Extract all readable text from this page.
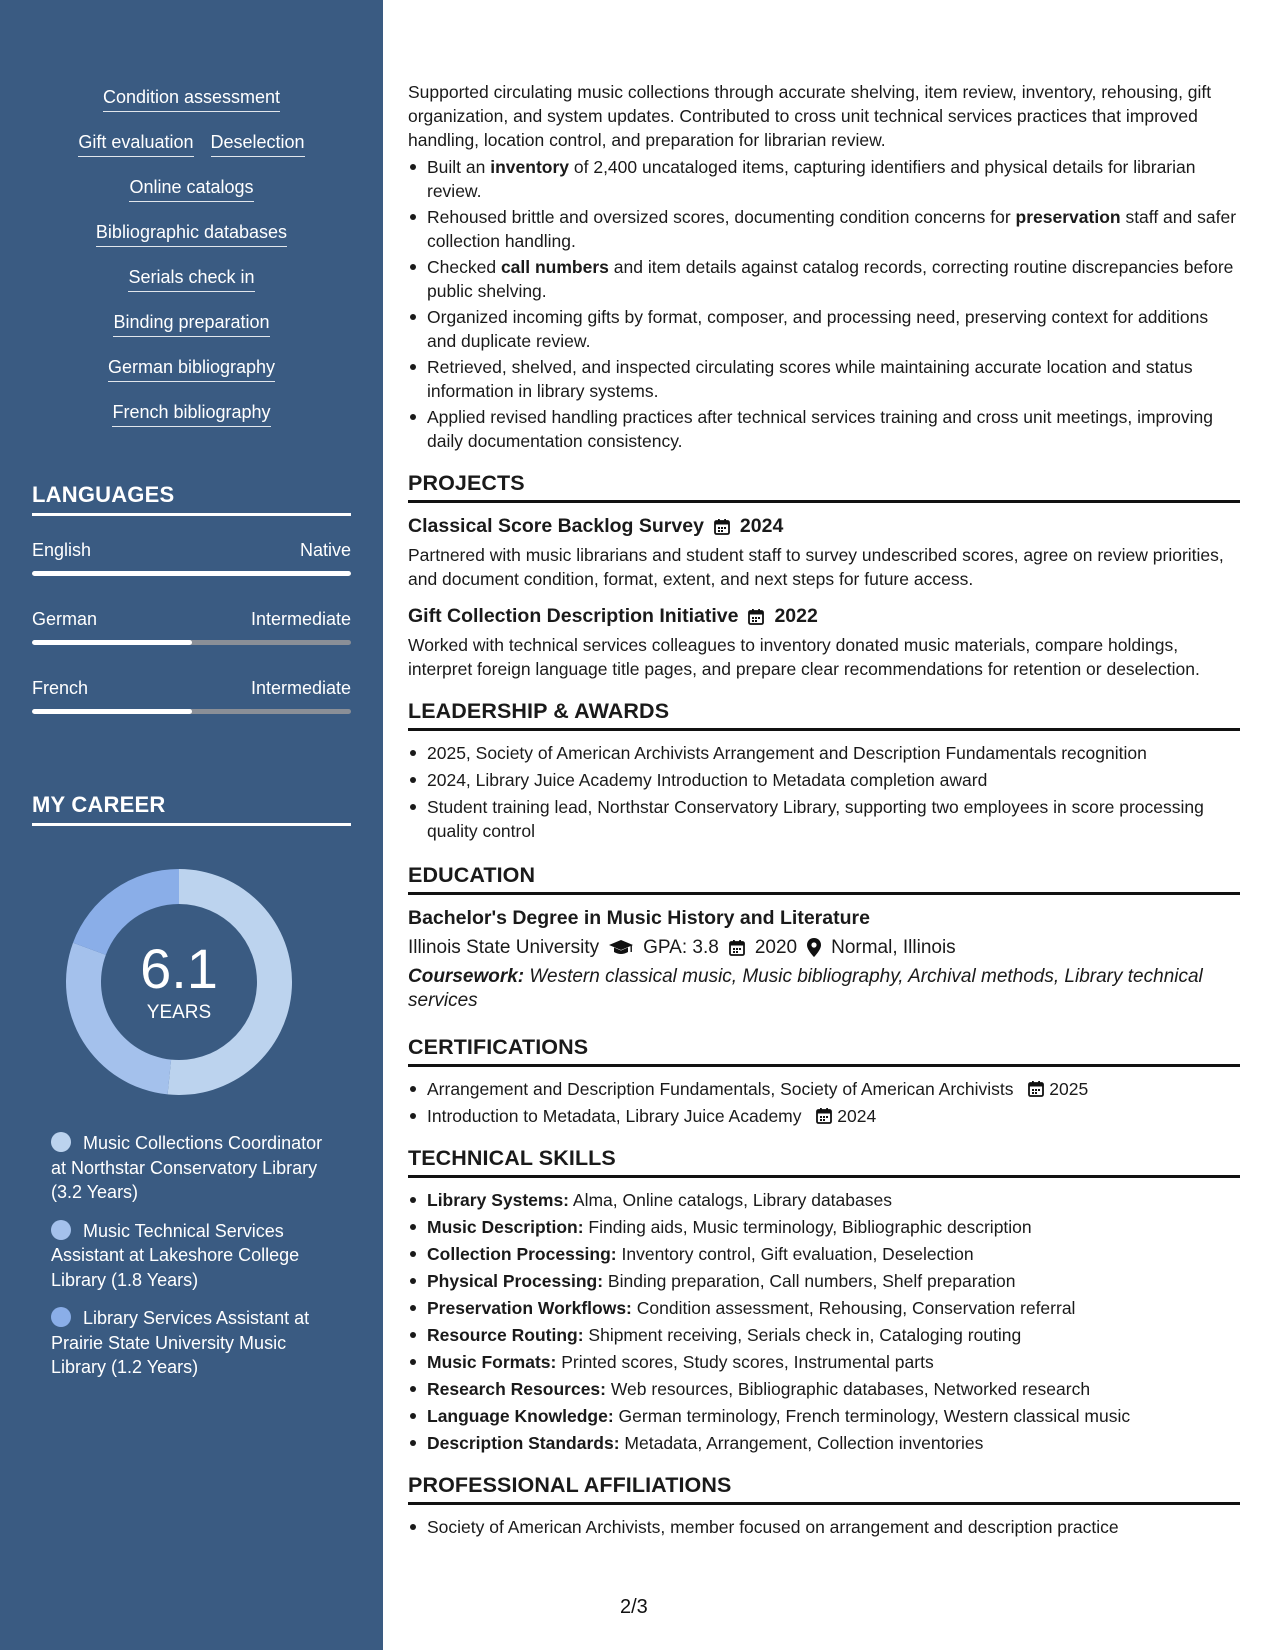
Condition assessment
Gift evaluation Deselection
Online catalogs
Bibliographic databases
Serials check in
Binding preparation
German bibliography
French bibliography
LANGUAGES
English	Native
German	Intermediate
French	Intermediate
MY CAREER
6.1
YEARS
Music Collections Coordinator at Northstar Conservatory Library (3.2 Years)
Music Technical Services Assistant at Lakeshore College Library (1.8 Years)
Library Services Assistant at Prairie State University Music Library (1.2 Years)

Supported circulating music collections through accurate shelving, item review, inventory, rehousing, gift organization, and system updates. Contributed to cross unit technical services practices that improved handling, location control, and preparation for librarian review.

Built an inventory of 2,400 uncataloged items, capturing identifiers and physical details for librarian review.
Rehoused brittle and oversized scores, documenting condition concerns for preservation staff and safer collection handling.
Checked call numbers and item details against catalog records, correcting routine discrepancies before public shelving.
Organized incoming gifts by format, composer, and processing need, preserving context for additions and duplicate review.
Retrieved, shelved, and inspected circulating scores while maintaining accurate location and status information in library systems.
Applied revised handling practices after technical services training and cross unit meetings, improving daily documentation consistency.
PROJECTS
Classical Score Backlog Survey 2024

Partnered with music librarians and student staff to survey undescribed scores, agree on review priorities, and document condition, format, extent, and next steps for future access.

Gift Collection Description Initiative 2022

Worked with technical services colleagues to inventory donated music materials, compare holdings, interpret foreign language title pages, and prepare clear recommendations for retention or deselection.

LEADERSHIP & AWARDS
2025, Society of American Archivists Arrangement and Description Fundamentals recognition
2024, Library Juice Academy Introduction to Metadata completion award
Student training lead, Northstar Conservatory Library, supporting two employees in score processing quality control
EDUCATION
Bachelor's Degree in Music History and Literature
Illinois State University GPA: 3.8 2020 Normal, Illinois

Coursework: Western classical music, Music bibliography, Archival methods, Library technical services

CERTIFICATIONS
Arrangement and Description Fundamentals, Society of American Archivists 2025
Introduction to Metadata, Library Juice Academy 2024
TECHNICAL SKILLS
Library Systems: Alma, Online catalogs, Library databases
Music Description: Finding aids, Music terminology, Bibliographic description
Collection Processing: Inventory control, Gift evaluation, Deselection
Physical Processing: Binding preparation, Call numbers, Shelf preparation
Preservation Workflows: Condition assessment, Rehousing, Conservation referral
Resource Routing: Shipment receiving, Serials check in, Cataloging routing
Music Formats: Printed scores, Study scores, Instrumental parts
Research Resources: Web resources, Bibliographic databases, Networked research
Language Knowledge: German terminology, French terminology, Western classical music
Description Standards: Metadata, Arrangement, Collection inventories
PROFESSIONAL AFFILIATIONS
Society of American Archivists, member focused on arrangement and description practice
2/3
